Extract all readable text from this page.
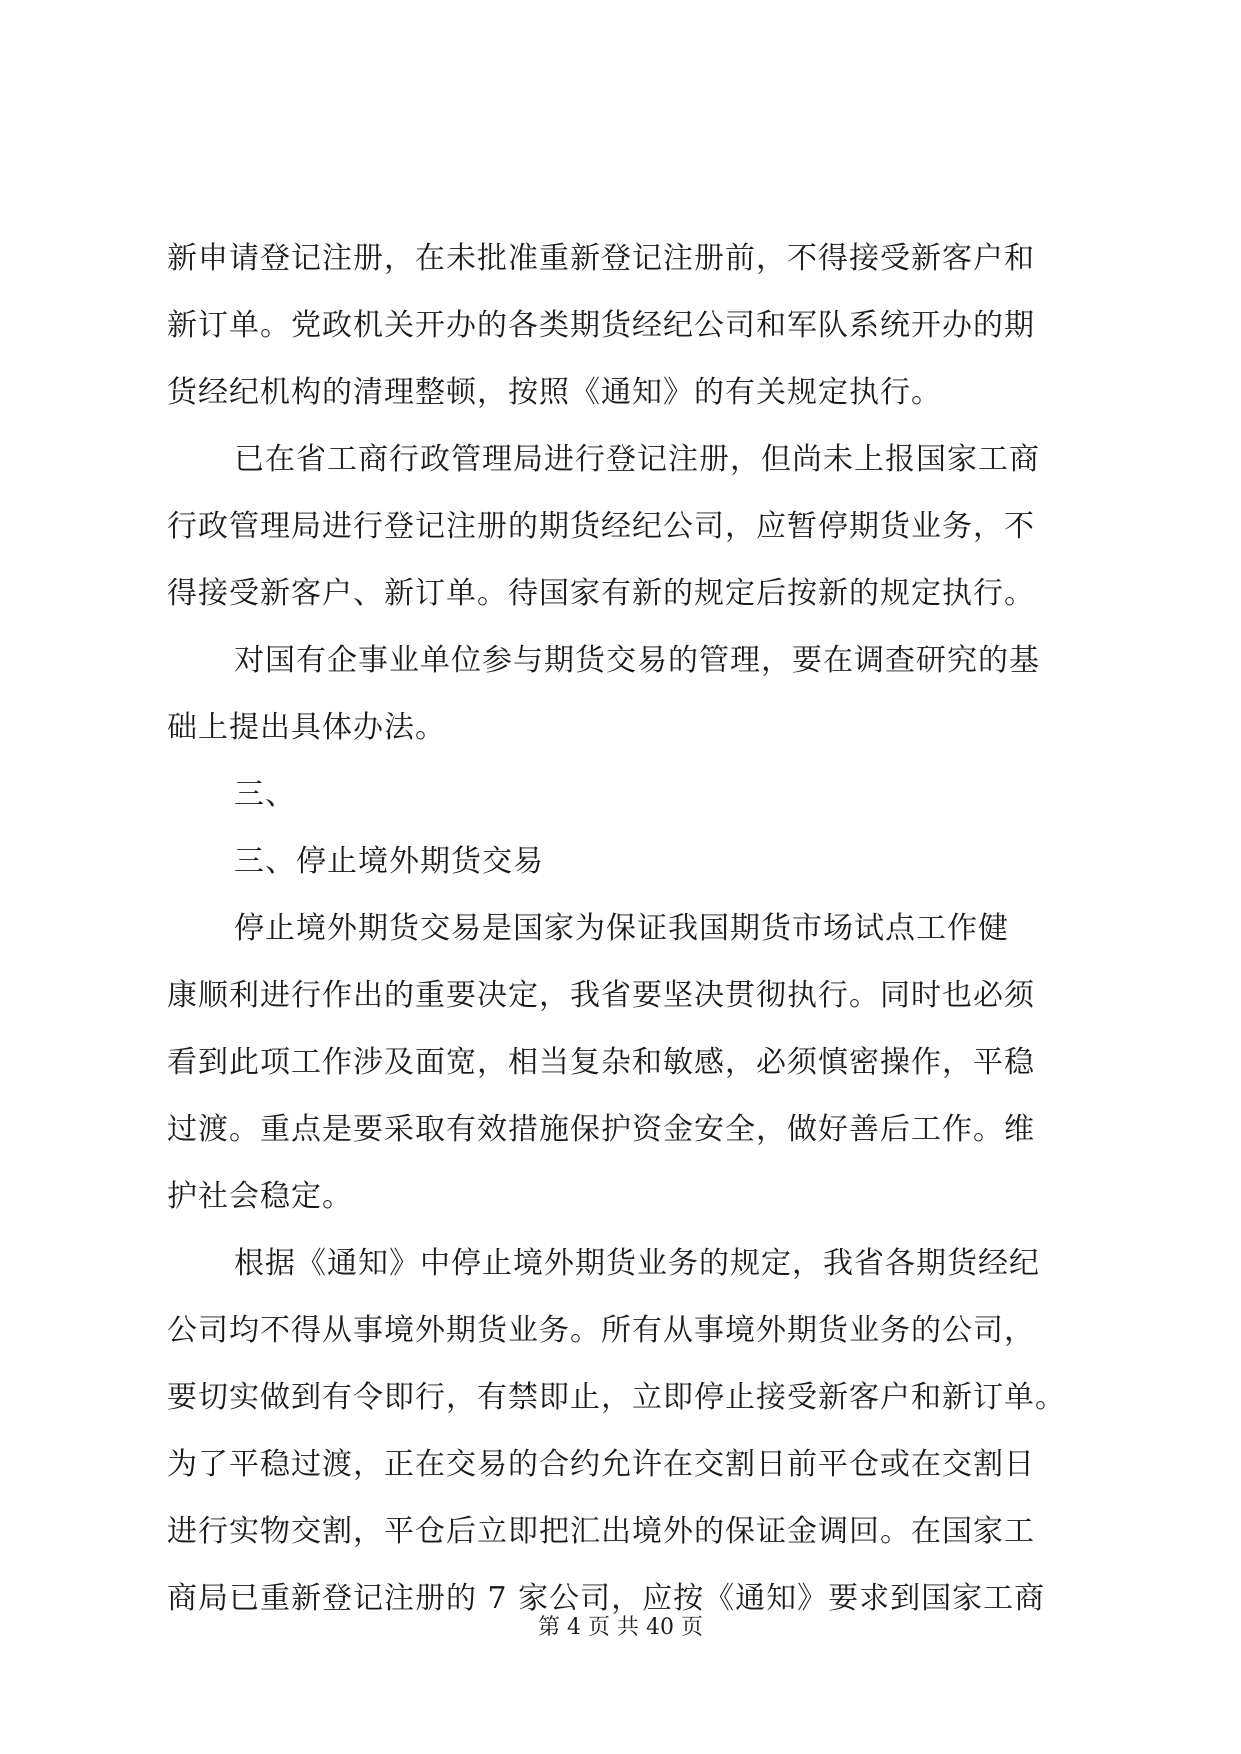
新申请登记注册，在未批准重新登记注册前，不得接受新客户和
新订单。党政机关开办的各类期货经纪公司和军队系统开办的期
货经纪机构的清理整顿，按照《通知》的有关规定执行。

已在省工商行政管理局进行登记注册，但尚未上报国家工商
行政管理局进行登记注册的期货经纪公司，应暂停期货业务，不
得接受新客户、新订单。待国家有新的规定后按新的规定执行。

对国有企事业单位参与期货交易的管理，要在调查研究的基
础上提出具体办法。

三、

三、停止境外期货交易

停止境外期货交易是国家为保证我国期货市场试点工作健
康顺利进行作出的重要决定，我省要坚决贯彻执行。同时也必须
看到此项工作涉及面宽，相当复杂和敏感，必须慎密操作，平稳
过渡。重点是要采取有效措施保护资金安全，做好善后工作。维
护社会稳定。

根据《通知》中停止境外期货业务的规定，我省各期货经纪
公司均不得从事境外期货业务。所有从事境外期货业务的公司，
要切实做到有令即行，有禁即止，立即停止接受新客户和新订单。
为了平稳过渡，正在交易的合约允许在交割日前平仓或在交割日
进行实物交割，平仓后立即把汇出境外的保证金调回。在国家工
商局已重新登记注册的 7 家公司，应按《通知》要求到国家工商

第 4 页 共 40 页
